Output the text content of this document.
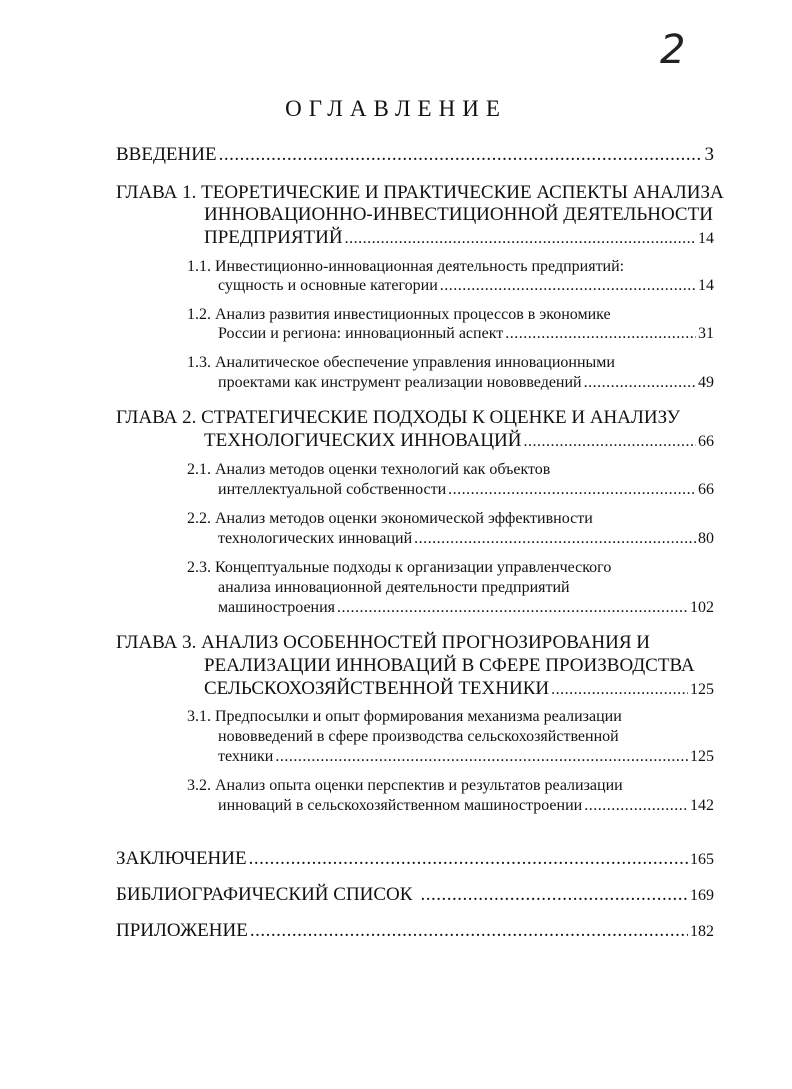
2
ОГЛАВЛЕНИЕ
ВВЕДЕНИЕ .....	3
ГЛАВА 1. ТЕОРЕТИЧЕСКИЕ И ПРАКТИЧЕСКИЕ АСПЕКТЫ АНАЛИЗА
ИННОВАЦИОННО-ИНВЕСТИЦИОННОЙ ДЕЯТЕЛЬНОСТИ
ПРЕДПРИЯТИЙ .....	14
1.1. Инвестиционно-инновационная деятельность предприятий:
сущность и основные категории .....	14
1.2. Анализ развития инвестиционных процессов в экономике
России и региона: инновационный аспект .....	31
1.3. Аналитическое обеспечение управления инновационными
проектами как инструмент реализации нововведений .....	49
ГЛАВА 2. СТРАТЕГИЧЕСКИЕ ПОДХОДЫ К ОЦЕНКЕ И АНАЛИЗУ
ТЕХНОЛОГИЧЕСКИХ ИННОВАЦИЙ .....	66
2.1. Анализ методов оценки технологий как объектов
интеллектуальной собственности .....	66
2.2. Анализ методов оценки экономической эффективности
технологических инноваций .....	80
2.3. Концептуальные подходы к организации управленческого
анализа инновационной деятельности предприятий
машиностроения .....	102
ГЛАВА 3. АНАЛИЗ ОСОБЕННОСТЕЙ ПРОГНОЗИРОВАНИЯ И
РЕАЛИЗАЦИИ ИННОВАЦИЙ В СФЕРЕ ПРОИЗВОДСТВА
СЕЛЬСКОХОЗЯЙСТВЕННОЙ ТЕХНИКИ .....	125
3.1. Предпосылки и опыт формирования механизма реализации
нововведений в сфере производства сельскохозяйственной
техники .....	125
3.2. Анализ опыта оценки перспектив и результатов реализации
инноваций в сельскохозяйственном машиностроении .....	142
ЗАКЛЮЧЕНИЕ .....	165
БИБЛИОГРАФИЧЕСКИЙ СПИСОК .....	169
ПРИЛОЖЕНИЕ .....	182
